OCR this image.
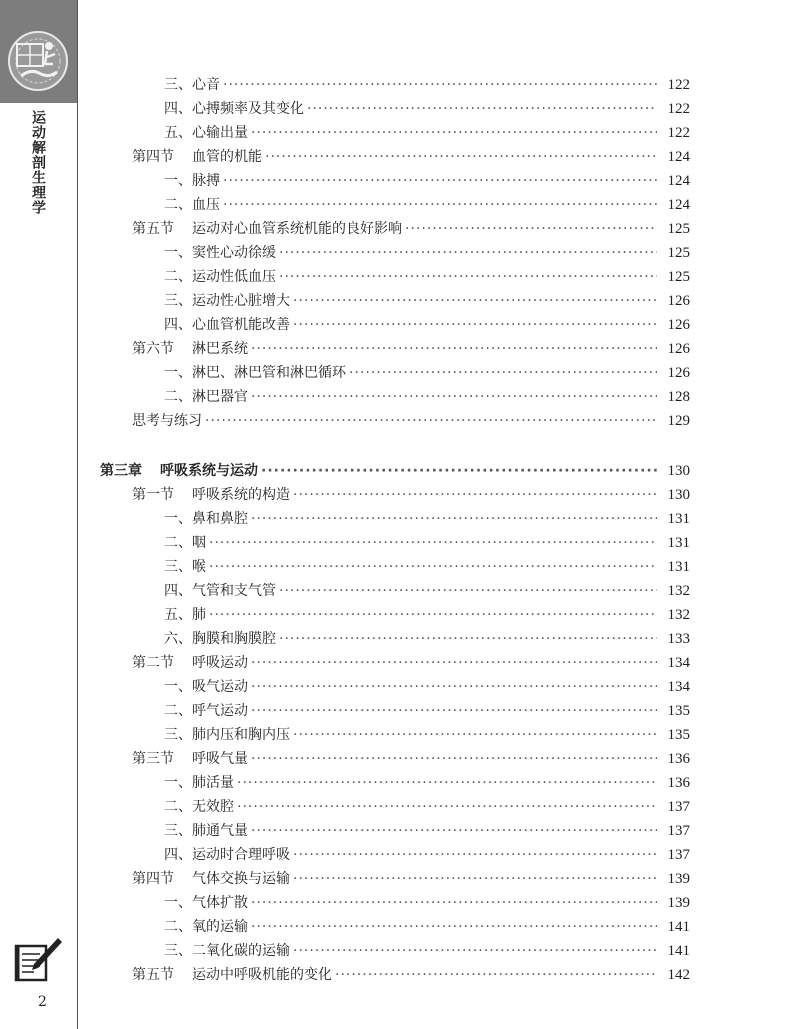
运动解剖生理学
2
三、 心音 ·····	122
四、 心搏频率及其变化 ·····	122
五、 心输出量 ·····	122
第四节	血管的机能 ·····	124
一、 脉搏 ·····	124
二、 血压 ·····	124
第五节	运动对心血管系统机能的良好影响 ·····	125
一、 窦性心动徐缓 ·····	125
二、 运动性低血压 ·····	125
三、 运动性心脏增大 ·····	126
四、 心血管机能改善 ·····	126
第六节	淋巴系统 ·····	126
一、 淋巴、淋巴管和淋巴循环 ·····	126
二、 淋巴器官 ·····	128
思考与练习 ·····	129
第三章	呼吸系统与运动 ·····	130
第一节	呼吸系统的构造 ·····	130
一、 鼻和鼻腔 ·····	131
二、 咽 ·····	131
三、 喉 ·····	131
四、 气管和支气管 ·····	132
五、 肺 ·····	132
六、 胸膜和胸膜腔 ·····	133
第二节	呼吸运动 ·····	134
一、 吸气运动 ·····	134
二、 呼气运动 ·····	135
三、 肺内压和胸内压 ·····	135
第三节	呼吸气量 ·····	136
一、 肺活量 ·····	136
二、 无效腔 ·····	137
三、 肺通气量 ·····	137
四、 运动时合理呼吸 ·····	137
第四节	气体交换与运输 ·····	139
一、 气体扩散 ·····	139
二、 氧的运输 ·····	141
三、 二氧化碳的运输 ·····	141
第五节	运动中呼吸机能的变化 ·····	142
